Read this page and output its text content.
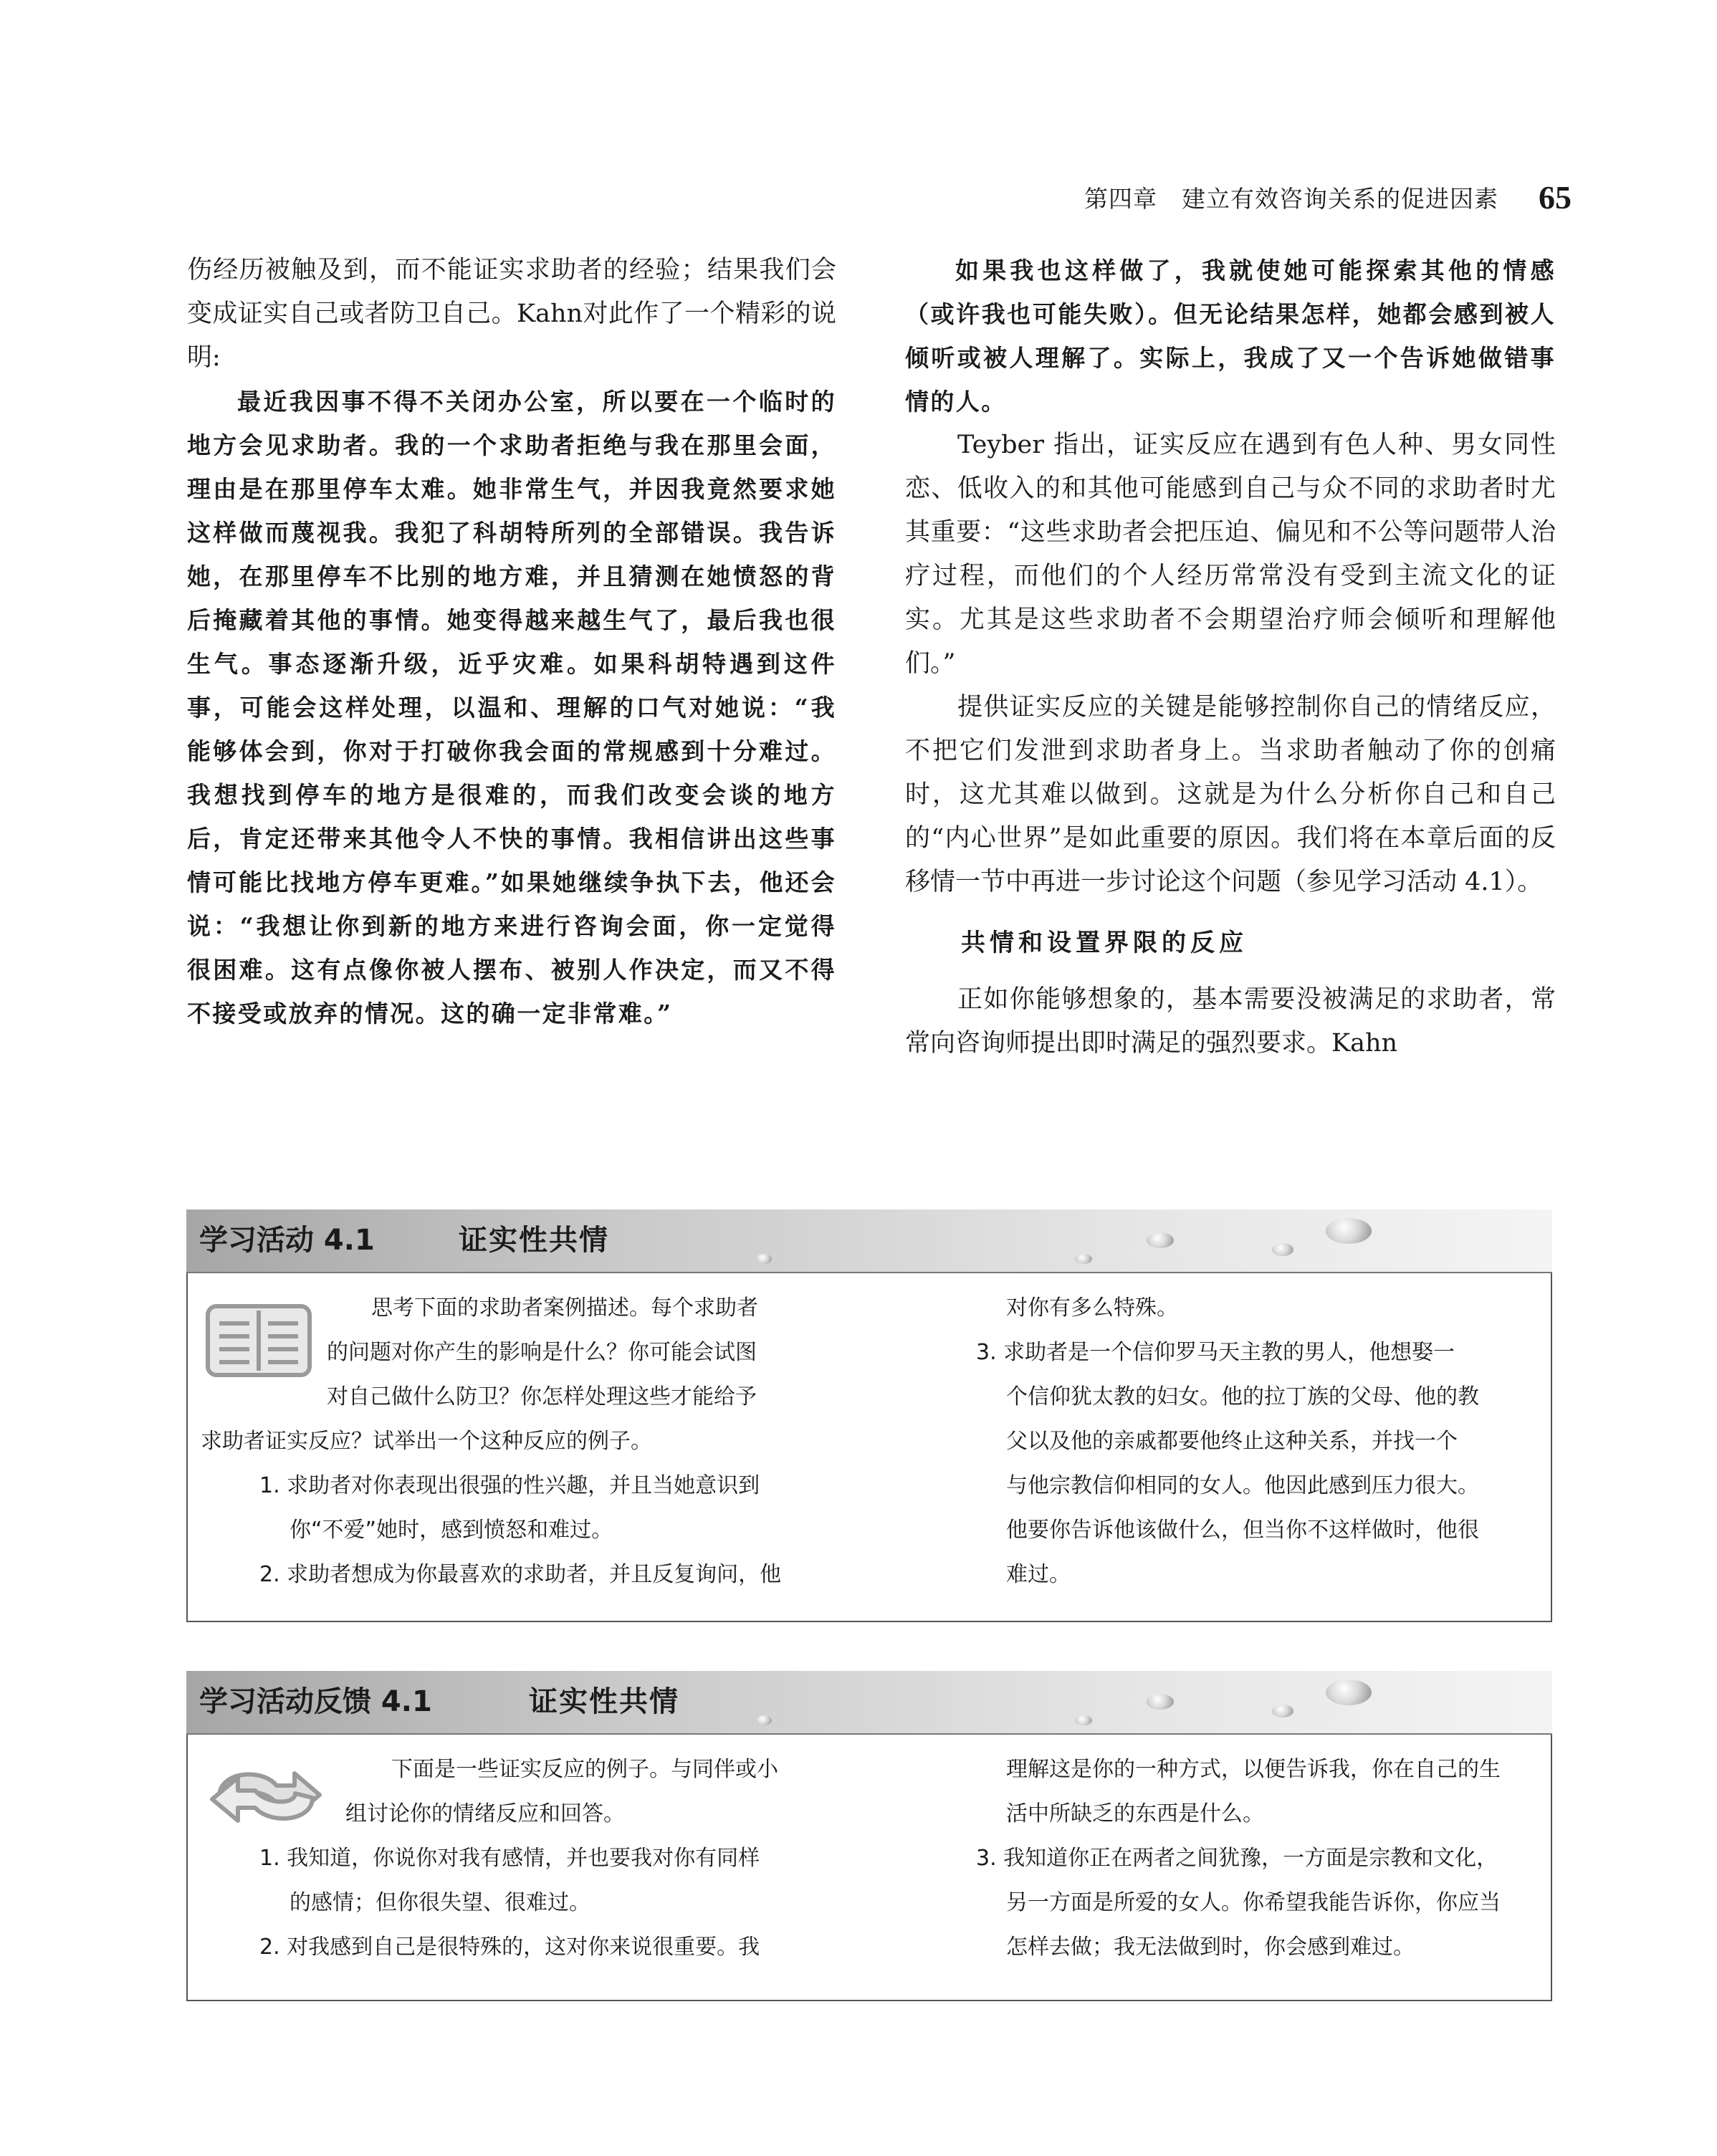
第四章　建立有效咨询关系的促进因素 65

伤经历被触及到，而不能证实求助者的经验；结果我们会变成证实自己或者防卫自己。Kahn对此作了一个精彩的说明:

最近我因事不得不关闭办公室，所以要在一个临时的地方会见求助者。我的一个求助者拒绝与我在那里会面，理由是在那里停车太难。她非常生气，并因我竟然要求她这样做而蔑视我。我犯了科胡特所列的全部错误。我告诉她，在那里停车不比别的地方难，并且猜测在她愤怒的背后掩藏着其他的事情。她变得越来越生气了，最后我也很生气。事态逐渐升级，近乎灾难。如果科胡特遇到这件事，可能会这样处理，以温和、理解的口气对她说：“我能够体会到，你对于打破你我会面的常规感到十分难过。我想找到停车的地方是很难的，而我们改变会谈的地方后，肯定还带来其他令人不快的事情。我相信讲出这些事情可能比找地方停车更难。”如果她继续争执下去，他还会说：“我想让你到新的地方来进行咨询会面，你一定觉得很困难。这有点像你被人摆布、被别人作决定，而又不得不接受或放弃的情况。这的确一定非常难。”

如果我也这样做了，我就使她可能探索其他的情感（或许我也可能失败）。但无论结果怎样，她都会感到被人倾听或被人理解了。实际上，我成了又一个告诉她做错事情的人。

Teyber 指出，证实反应在遇到有色人种、男女同性恋、低收入的和其他可能感到自己与众不同的求助者时尤其重要：“这些求助者会把压迫、偏见和不公等问题带人治疗过程，而他们的个人经历常常没有受到主流文化的证实。尤其是这些求助者不会期望治疗师会倾听和理解他们。”

提供证实反应的关键是能够控制你自己的情绪反应，不把它们发泄到求助者身上。当求助者触动了你的创痛时，这尤其难以做到。这就是为什么分析你自己和自己的“内心世界”是如此重要的原因。我们将在本章后面的反移情一节中再进一步讨论这个问题（参见学习活动 4.1）。

共情和设置界限的反应

正如你能够想象的，基本需要没被满足的求助者，常常向咨询师提出即时满足的强烈要求。Kahn

学习活动 4.1	证实性共情

思考下面的求助者案例描述。每个求助者

的问题对你产生的影响是什么？你可能会试图

对自己做什么防卫？你怎样处理这些才能给予

求助者证实反应？试举出一个这种反应的例子。

1. 求助者对你表现出很强的性兴趣，并且当她意识到

你“不爱”她时，感到愤怒和难过。

2. 求助者想成为你最喜欢的求助者，并且反复询问，他

对你有多么特殊。

3. 求助者是一个信仰罗马天主教的男人，他想娶一

个信仰犹太教的妇女。他的拉丁族的父母、他的教

父以及他的亲戚都要他终止这种关系，并找一个

与他宗教信仰相同的女人。他因此感到压力很大。

他要你告诉他该做什么，但当你不这样做时，他很

难过。

学习活动反馈 4.1	证实性共情

下面是一些证实反应的例子。与同伴或小

组讨论你的情绪反应和回答。

1. 我知道，你说你对我有感情，并也要我对你有同样

的感情；但你很失望、很难过。

2. 对我感到自己是很特殊的，这对你来说很重要。我

理解这是你的一种方式，以便告诉我，你在自己的生

活中所缺乏的东西是什么。

3. 我知道你正在两者之间犹豫，一方面是宗教和文化，

另一方面是所爱的女人。你希望我能告诉你，你应当

怎样去做；我无法做到时，你会感到难过。
